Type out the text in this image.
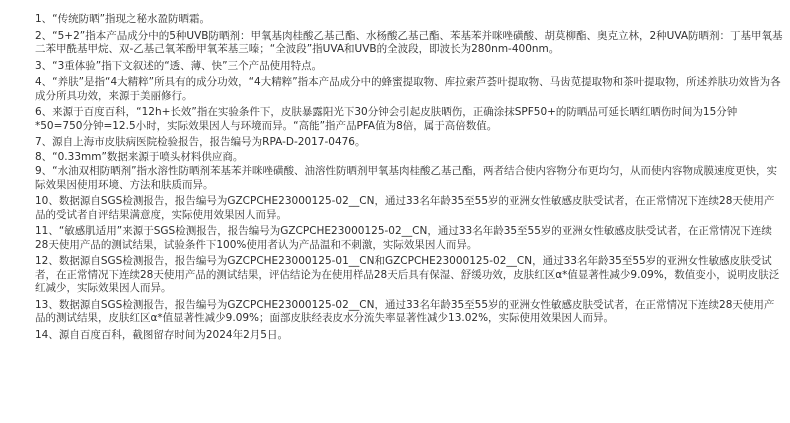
1、“传统防晒”指现之秘水盈防晒霜。

2、“5+2”指本产品成分中的5种UVB防晒剂：甲氧基肉桂酸乙基己酯、水杨酸乙基己酯、苯基苯并咪唑磺酸、胡莫柳酯、奥克立林，2种UVA防晒剂：丁基甲氧基二苯甲酰基甲烷、双-乙基己氧苯酚甲氧苯基三嗪；“全波段”指UVA和UVB的全波段，即波长为280nm-400nm。

3、“3重体验”指下文叙述的“透、薄、快”三个产品使用特点。

4、“养肤”是指“4大精粹”所具有的成分功效，“4大精粹”指本产品成分中的蜂蜜提取物、库拉索芦荟叶提取物、马齿苋提取物和茶叶提取物，所述养肤功效皆为各成分所具功效，来源于美丽修行。

6、来源于百度百科，“12h+长效”指在实验条件下，皮肤暴露阳光下30分钟会引起皮肤晒伤，正确涂抹SPF50+的防晒品可延长晒红晒伤时间为15分钟*50=750分钟=12.5小时，实际效果因人与环境而异。“高能”指产品PFA值为8倍，属于高倍数值。

7、源自上海市皮肤病医院检验报告，报告编号为RPA-D-2017-0476。

8、“0.33mm”数据来源于喷头材料供应商。

9、“水油双相防晒剂”指水溶性防晒剂苯基苯并咪唑磺酸、油溶性防晒剂甲氧基肉桂酸乙基己酯，两者结合使内容物分布更均匀，从而使内容物成膜速度更快，实际效果因使用环境、方法和肤质而异。

10、数据源自SGS检测报告，报告编号为GZCPCHE23000125-02__CN，通过33名年龄35至55岁的亚洲女性敏感皮肤受试者，在正常情况下连续28天使用产品的受试者自评结果满意度，实际使用效果因人而异。

11、“敏感肌适用”来源于SGS检测报告，报告编号为GZCPCHE23000125-02__CN，通过33名年龄35至55岁的亚洲女性敏感皮肤受试者，在正常情况下连续28天使用产品的测试结果，试验条件下100%使用者认为产品温和不刺激，实际效果因人而异。

12、数据源自SGS检测报告，报告编号为GZCPCHE23000125-01__CN和GZCPCHE23000125-02__CN，通过33名年龄35至55岁的亚洲女性敏感皮肤受试者，在正常情况下连续28天使用产品的测试结果，评估结论为在使用样品28天后具有保湿、舒缓功效，皮肤红区α*值显著性减少9.09%，数值变小，说明皮肤泛红减少，实际效果因人而异。

13、数据源自SGS检测报告，报告编号为GZCPCHE23000125-02__CN，通过33名年龄35至55岁的亚洲女性敏感皮肤受试者，在正常情况下连续28天使用产品的测试结果，皮肤红区α*值显著性减少9.09%；面部皮肤经表皮水分流失率显著性减少13.02%，实际使用效果因人而异。

14、源自百度百科，截图留存时间为2024年2月5日。
